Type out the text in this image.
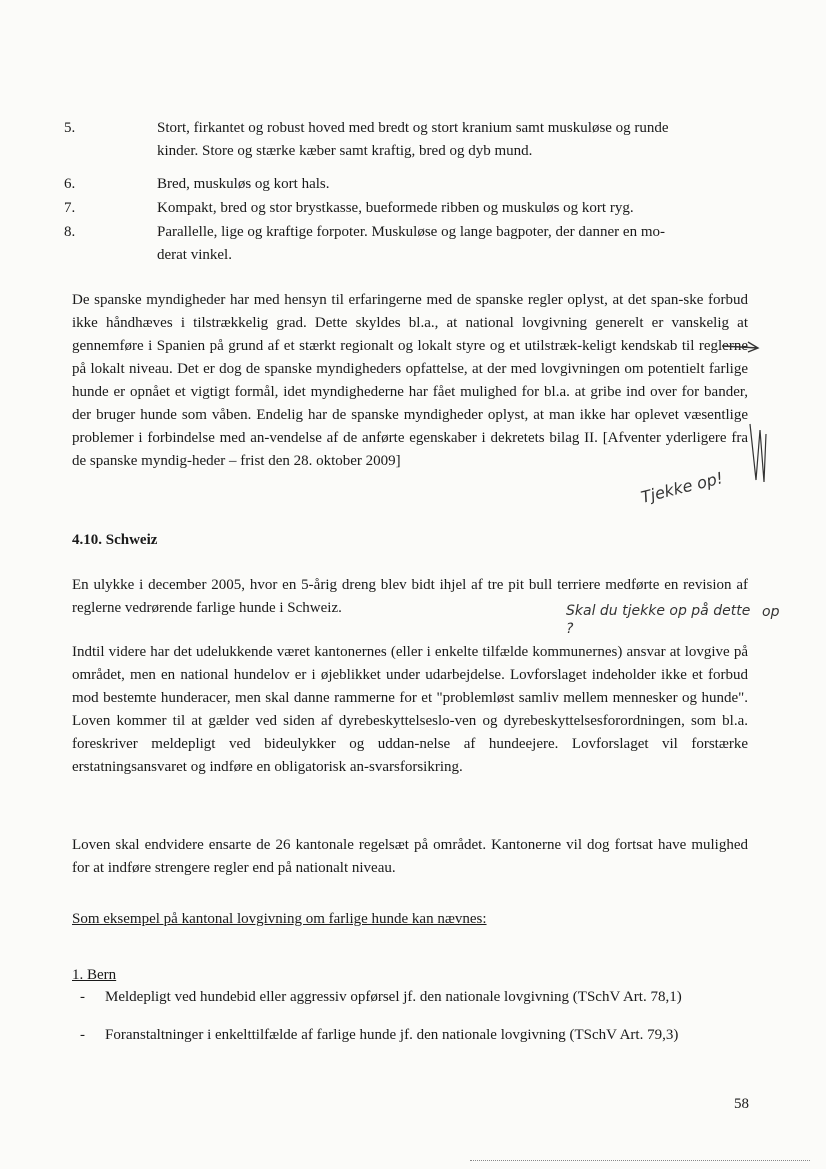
5.	Stort, firkantet og robust hoved med bredt og stort kranium samt muskuløse og runde
kinder. Store og stærke kæber samt kraftig, bred og dyb mund.
6.	Bred, muskuløs og kort hals.
7.	Kompakt, bred og stor brystkasse, bueformede ribben og muskuløs og kort ryg.
8.	Parallelle, lige og kraftige forpoter. Muskuløse og lange bagpoter, der danner en mo-
derat vinkel.
De spanske myndigheder har med hensyn til erfaringerne med de spanske regler oplyst, at det span-ske forbud ikke håndhæves i tilstrækkelig grad. Dette skyldes bl.a., at national lovgivning generelt er vanskelig at gennemføre i Spanien på grund af et stærkt regionalt og lokalt styre og et utilstræk-keligt kendskab til reglerne på lokalt niveau. Det er dog de spanske myndigheders opfattelse, at der med lovgivningen om potentielt farlige hunde er opnået et vigtigt formål, idet myndighederne har fået mulighed for bl.a. at gribe ind over for bander, der bruger hunde som våben. Endelig har de spanske myndigheder oplyst, at man ikke har oplevet væsentlige problemer i forbindelse med an-vendelse af de anførte egenskaber i dekretets bilag II. [Afventer yderligere fra de spanske myndig-heder – frist den 28. oktober 2009]
Tjekke op!
4.10. Schweiz
En ulykke i december 2005, hvor en 5-årig dreng blev bidt ihjel af tre pit bull terriere medførte en revision af reglerne vedrørende farlige hunde i Schweiz.	Skal du tjekke op på dette ?
op
Indtil videre har det udelukkende været kantonernes (eller i enkelte tilfælde kommunernes) ansvar at lovgive på området, men en national hundelov er i øjeblikket under udarbejdelse. Lovforslaget indeholder ikke et forbud mod bestemte hunderacer, men skal danne rammerne for et "problemløst samliv mellem mennesker og hunde". Loven kommer til at gælder ved siden af dyrebeskyttelseslo-ven og dyrebeskyttelsesforordningen, som bl.a. foreskriver meldepligt ved bideulykker og uddan-nelse af hundeejere. Lovforslaget vil forstærke erstatningsansvaret og indføre en obligatorisk an-svarsforsikring.
Loven skal endvidere ensarte de 26 kantonale regelsæt på området. Kantonerne vil dog fortsat have mulighed for at indføre strengere regler end på nationalt niveau.
Som eksempel på kantonal lovgivning om farlige hunde kan nævnes:
1. Bern
- Meldepligt ved hundebid eller aggressiv opførsel jf. den nationale lovgivning (TSchV Art. 78,1)
- Foranstaltninger i enkelttilfælde af farlige hunde jf. den nationale lovgivning (TSchV Art. 79,3)
58
